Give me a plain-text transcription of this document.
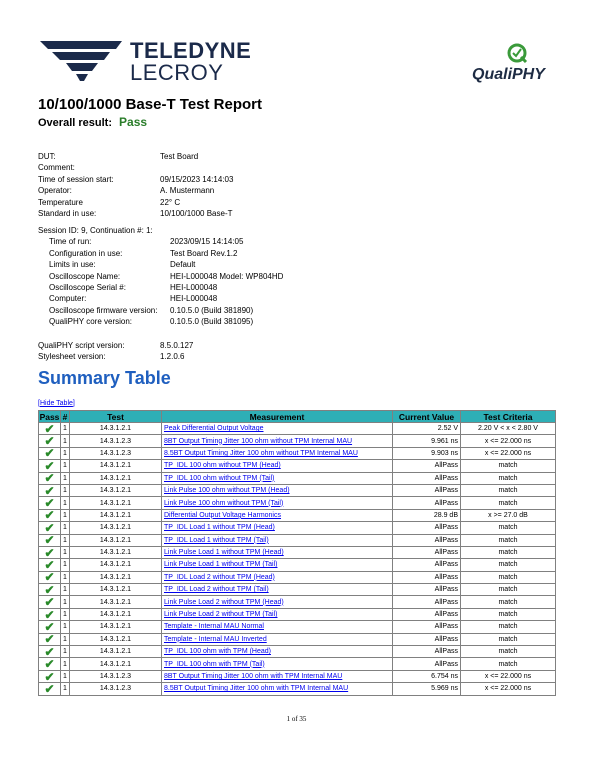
TELEDYNE
LECROY	QualiPHY
10/100/1000 Base-T Test Report
Overall result: Pass
DUT:	Test Board
Comment:
Time of session start:	09/15/2023 14:14:03
Operator:	A. Mustermann
Temperature	22° C
Standard in use:	10/100/1000 Base-T
Session ID: 9, Continuation #: 1:
Time of run:	2023/09/15 14:14:05
Configuration in use:	Test Board Rev.1.2
Limits in use:	Default
Oscilloscope Name:	HEI-L000048 Model: WP804HD
Oscilloscope Serial #:	HEI-L000048
Computer:	HEI-L000048
Oscilloscope firmware version: 0.10.5.0 (Build 381890)
QualiPHY core version:	0.10.5.0 (Build 381095)
QualiPHY script version:	8.5.0.127
Stylesheet version:	1.2.0.6
Summary Table
[Hide Table]
Pass	#	Test	Measurement	Current Value	Test Criteria
✔	1	14.3.1.2.1	Peak Differential Output Voltage	2.52 V	2.20 V < x < 2.80 V
✔	1	14.3.1.2.3	8BT Output Timing Jitter 100 ohm without TPM Internal MAU	9.961 ns	x <= 22.000 ns
✔	1	14.3.1.2.3	8.5BT Output Timing Jitter 100 ohm without TPM Internal MAU	9.903 ns	x <= 22.000 ns
✔	1	14.3.1.2.1	TP_IDL 100 ohm without TPM (Head)	AllPass	match
✔	1	14.3.1.2.1	TP_IDL 100 ohm without TPM (Tail)	AllPass	match
✔	1	14.3.1.2.1	Link Pulse 100 ohm without TPM (Head)	AllPass	match
✔	1	14.3.1.2.1	Link Pulse 100 ohm without TPM (Tail)	AllPass	match
✔	1	14.3.1.2.1	Differential Output Voltage Harmonics	28.9 dB	x >= 27.0 dB
✔	1	14.3.1.2.1	TP_IDL Load 1 without TPM (Head)	AllPass	match
✔	1	14.3.1.2.1	TP_IDL Load 1 without TPM (Tail)	AllPass	match
✔	1	14.3.1.2.1	Link Pulse Load 1 without TPM (Head)	AllPass	match
✔	1	14.3.1.2.1	Link Pulse Load 1 without TPM (Tail)	AllPass	match
✔	1	14.3.1.2.1	TP_IDL Load 2 without TPM (Head)	AllPass	match
✔	1	14.3.1.2.1	TP_IDL Load 2 without TPM (Tail)	AllPass	match
✔	1	14.3.1.2.1	Link Pulse Load 2 without TPM (Head)	AllPass	match
✔	1	14.3.1.2.1	Link Pulse Load 2 without TPM (Tail)	AllPass	match
✔	1	14.3.1.2.1	Template - Internal MAU Normal	AllPass	match
✔	1	14.3.1.2.1	Template - Internal MAU Inverted	AllPass	match
✔	1	14.3.1.2.1	TP_IDL 100 ohm with TPM (Head)	AllPass	match
✔	1	14.3.1.2.1	TP_IDL 100 ohm with TPM (Tail)	AllPass	match
✔	1	14.3.1.2.3	8BT Output Timing Jitter 100 ohm with TPM Internal MAU	6.754 ns	x <= 22.000 ns
✔	1	14.3.1.2.3	8.5BT Output Timing Jitter 100 ohm with TPM Internal MAU	5.969 ns	x <= 22.000 ns
1 of 35
